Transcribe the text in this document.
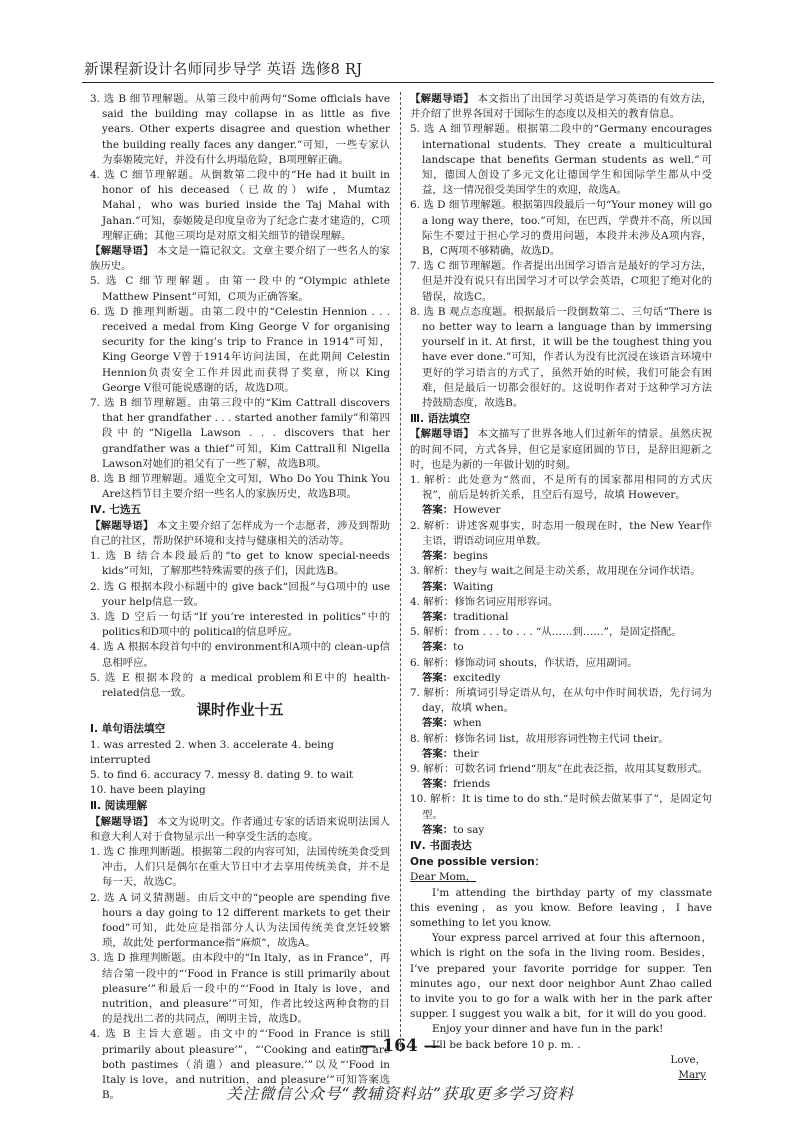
新课程新设计名师同步导学 英语 选修8 RJ

3. 选 B 细节理解题。从第三段中前两句“Some officials have said the building may collapse in as little as five years. Other experts disagree and question whether the building really faces any danger.”可知，一些专家认为泰姬陵完好，并没有什么坍塌危险，B项理解正确。

4. 选 C 细节理解题。从倒数第二段中的“He had it built in honor of his deceased（已故的）wife，Mumtaz Mahal，who was buried inside the Taj Mahal with Jahan.”可知，泰姬陵是印度皇帝为了纪念亡妻才建造的，C项理解正确；其他三项均是对原文相关细节的错误理解。

【解题导语】 本文是一篇记叙文。文章主要介绍了一些名人的家族历史。

5. 选 C 细节理解题。由第一段中的“Olympic athlete Matthew Pinsent”可知，C项为正确答案。

6. 选 D 推理判断题。由第二段中的“Celestin Hennion . . . received a medal from King George V for organising security for the king’s trip to France in 1914”可知，King George V曾于1914年访问法国，在此期间 Celestin Hennion负责安全工作并因此而获得了奖章，所以 King George V很可能说感谢的话，故选D项。

7. 选 B 细节理解题。由第三段中的“Kim Cattrall discovers that her grandfather . . . started another family”和第四段中的“Nigella Lawson . . . discovers that her grandfather was a thief”可知，Kim Cattrall和 Nigella Lawson对她们的祖父有了一些了解，故选B项。

8. 选 B 细节理解题。通览全文可知，Who Do You Think You Are这档节目主要介绍一些名人的家族历史，故选B项。

Ⅳ. 七选五

【解题导语】 本文主要介绍了怎样成为一个志愿者，涉及到帮助自己的社区，帮助保护环境和支持与健康相关的活动等。

1. 选 B 结合本段最后的“to get to know special-needs kids”可知，了解那些特殊需要的孩子们，因此选B。

2. 选 G 根据本段小标题中的 give back“回报”与G项中的 use your help信息一致。

3. 选 D 空后一句话“If you’re interested in politics”中的 politics和D项中的 political的信息呼应。

4. 选 A 根据本段首句中的 environment和A项中的 clean-up信息相呼应。

5. 选 E 根据本段的 a medical problem和E中的 health-related信息一致。

课时作业十五

Ⅰ. 单句语法填空

1. was arrested 2. when 3. accelerate 4. being interrupted

5. to find 6. accuracy 7. messy 8. dating 9. to wait

10. have been playing

Ⅱ. 阅读理解

【解题导语】 本文为说明文。作者通过专家的话语来说明法国人和意大利人对于食物显示出一种享受生活的态度。

1. 选 C 推理判断题。根据第二段的内容可知，法国传统美食受到冲击，人们只是偶尔在重大节日中才去享用传统美食，并不是每一天，故选C。

2. 选 A 词义猜测题。由后文中的“people are spending five hours a day going to 12 different markets to get their food”可知，此处应是指部分人认为法国传统美食烹饪较繁琐，故此处 performance指“麻烦”，故选A。

3. 选 D 推理判断题。由本段中的“In Italy，as in France”，再结合第一段中的“‘Food in France is still primarily about pleasure’”和最后一段中的“‘Food in Italy is love，and nutrition，and pleasure’”可知，作者比较这两种食物的目的是找出二者的共同点，阐明主旨，故选D。

4. 选 B 主旨大意题。由文中的“‘Food in France is still primarily about pleasure’”，“‘Cooking and eating are both pastimes（消遣）and pleasure.’”以及“‘Food in Italy is love，and nutrition，and pleasure’”可知答案选B。

【解题导语】 本文指出了出国学习英语是学习英语的有效方法，并介绍了世界各国对于国际生的态度以及相关的教育信息。

5. 选 A 细节理解题。根据第二段中的“Germany encourages international students. They create a multicultural landscape that benefits German students as well.”可知，德国人创设了多元文化让德国学生和国际学生都从中受益，这一情况很受美国学生的欢迎，故选A。

6. 选 D 细节理解题。根据第四段最后一句“Your money will go a long way there，too.”可知，在巴西，学费并不高，所以国际生不要过于担心学习的费用问题，本段并未涉及A项内容，B，C两项不够精确，故选D。

7. 选 C 细节理解题。作者提出出国学习语言是最好的学习方法，但是并没有说只有出国学习才可以学会英语，C项犯了绝对化的错误，故选C。

8. 选 B 观点态度题。根据最后一段倒数第二、三句话“There is no better way to learn a language than by immersing yourself in it. At first，it will be the toughest thing you have ever done.”可知，作者认为没有比沉浸在该语言环境中更好的学习语言的方式了，虽然开始的时候，我们可能会有困难，但是最后一切都会很好的。这说明作者对于这种学习方法持鼓励态度，故选B。

Ⅲ. 语法填空

【解题导语】 本文描写了世界各地人们过新年的情景。虽然庆祝的时间不同，方式各异，但它是家庭团圆的节日，是辞旧迎新之时，也是为新的一年做计划的时刻。

1. 解析：此处意为“然而，不是所有的国家都用相同的方式庆祝”，前后是转折关系，且空后有逗号，故填 However。

答案：However

2. 解析：讲述客观事实，时态用一般现在时，the New Year作主语，谓语动词应用单数。

答案：begins

3. 解析：they与 wait之间是主动关系，故用现在分词作状语。

答案：Waiting

4. 解析：修饰名词应用形容词。

答案：traditional

5. 解析：from . . . to . . . “从……到……”，是固定搭配。

答案：to

6. 解析：修饰动词 shouts，作状语，应用副词。

答案：excitedly

7. 解析：所填词引导定语从句，在从句中作时间状语，先行词为 day，故填 when。

答案：when

8. 解析：修饰名词 list，故用形容词性物主代词 their。

答案：their

9. 解析：可数名词 friend“朋友”在此表泛指，故用其复数形式。

答案：friends

10. 解析：It is time to do sth.“是时候去做某事了”，是固定句型。

答案：to say

Ⅳ. 书面表达

One possible version：

Dear Mom，

I’m attending the birthday party of my classmate this evening，as you know. Before leaving，I have something to let you know.

Your express parcel arrived at four this afternoon，which is right on the sofa in the living room. Besides，I’ve prepared your favorite porridge for supper. Ten minutes ago，our next door neighbor Aunt Zhao called to invite you to go for a walk with her in the park after supper. I suggest you walk a bit，for it will do you good.

Enjoy your dinner and have fun in the park!

I’ll be back before 10 p. m. .

Love，

Mary

— 164 —
关注微信公众号“教辅资料站”获取更多学习资料
